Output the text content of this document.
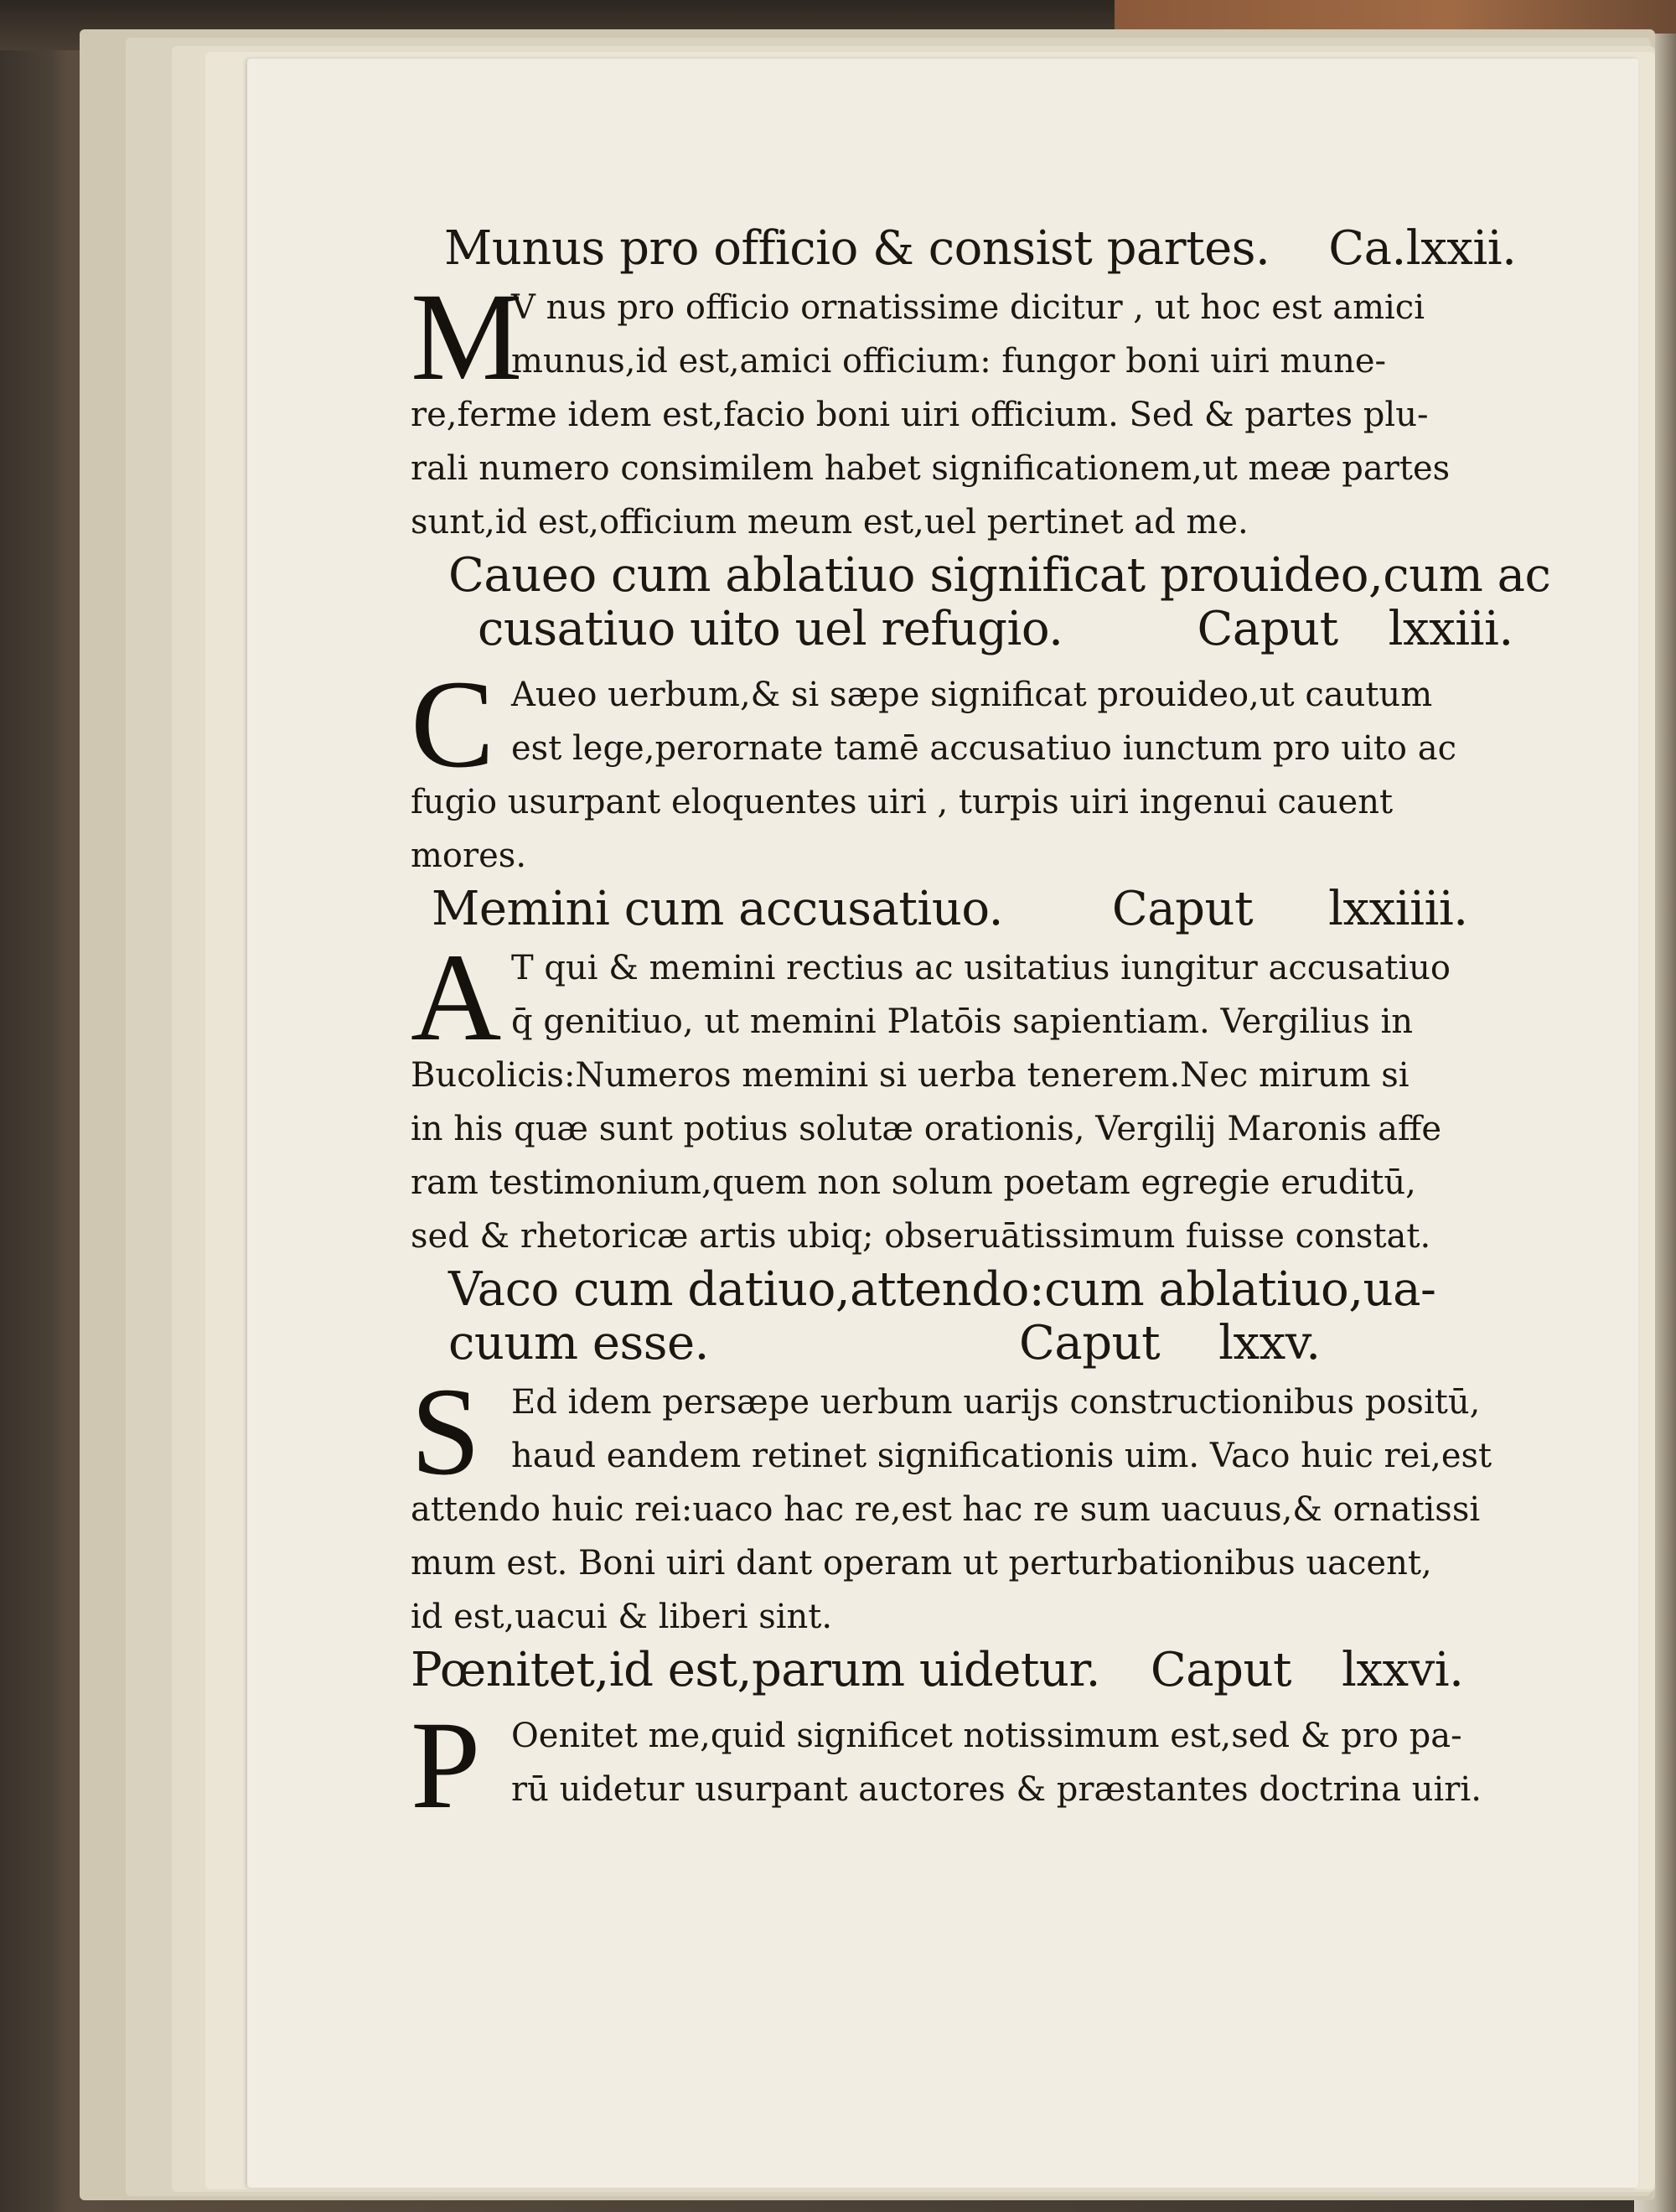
Munus pro officio & consist partes. Ca.lxxii.
M
V nus pro officio ornatissime dicitur , ut hoc est amici
munus,id est,amici officium: fungor boni uiri mune-
re,ferme idem est,facio boni uiri officium. Sed & partes plu-
rali numero consimilem habet significationem,ut meæ partes
sunt,id est,officium meum est,uel pertinet ad me.
Caueo cum ablatiuo significat prouideo,cum ac
cusatiuo uito uel refugio.	Caput lxxiii.
C Aueo uerbum,& si sæpe significat prouideo,ut cautum
est lege,perornate tamē accusatiuo iunctum pro uito ac
fugio usurpant eloquentes uiri , turpis uiri ingenui cauent
mores.
Memini cum accusatiuo. Caput lxxiiii.
A T qui & memini rectius ac usitatius iungitur accusatiuo
q̄ genitiuo, ut memini Platōis sapientiam. Vergilius in
Bucolicis:Numeros memini si uerba tenerem.Nec mirum si
in his quæ sunt potius solutæ orationis, Vergilij Maronis affe
ram testimonium,quem non solum poetam egregie eruditū,
sed & rhetoricæ artis ubiq; obseruātissimum fuisse constat.
Vaco cum datiuo,attendo:cum ablatiuo,ua-
cuum esse.	Caput lxxv.
S Ed idem persæpe uerbum uarijs constructionibus positū,
haud eandem retinet significationis uim. Vaco huic rei,est
attendo huic rei:uaco hac re,est hac re sum uacuus,& ornatissi
mum est. Boni uiri dant operam ut perturbationibus uacent,
id est,uacui & liberi sint.
Pœnitet,id est,parum uidetur. Caput lxxvi.
P Oenitet me,quid significet notissimum est,sed & pro pa-
rū uidetur usurpant auctores & præstantes doctrina uiri.
